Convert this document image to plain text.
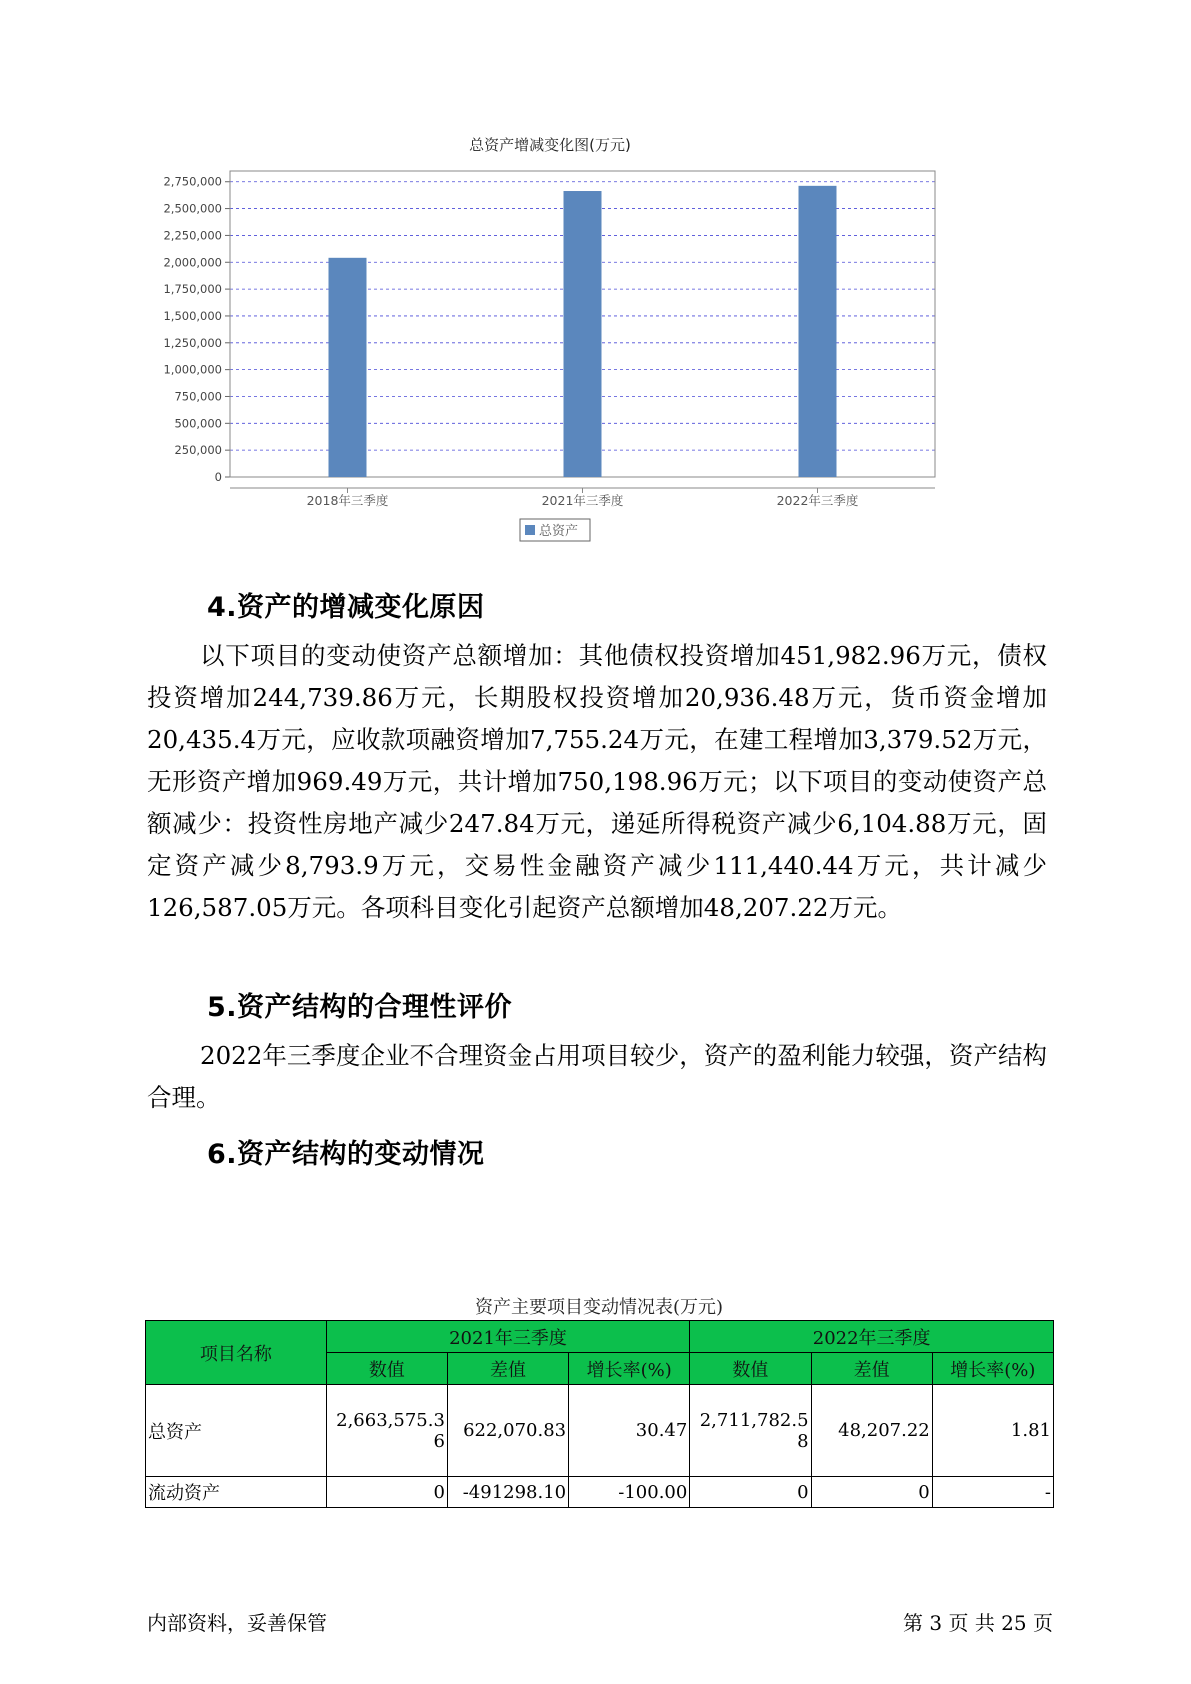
总资产增减变化图(万元)
0
250,000
500,000
750,000
1,000,000
1,250,000
1,500,000
1,750,000
2,000,000
2,250,000
2,500,000
2,750,000
2018年三季度	2021年三季度	2022年三季度
总资产
4.资产的增减变化原因

以下项目的变动使资产总额增加：其他债权投资增加451,982.96万元，债权投资增加244,739.86万元，长期股权投资增加20,936.48万元，货币资金增加20,435.4万元，应收款项融资增加7,755.24万元，在建工程增加3,379.52万元，无形资产增加969.49万元，共计增加750,198.96万元；以下项目的变动使资产总额减少：投资性房地产减少247.84万元，递延所得税资产减少6,104.88万元，固定资产减少8,793.9万元，交易性金融资产减少111,440.44万元，共计减少126,587.05万元。各项科目变化引起资产总额增加48,207.22万元。

5.资产结构的合理性评价

2022年三季度企业不合理资金占用项目较少，资产的盈利能力较强，资产结构合理。

6.资产结构的变动情况
资产主要项目变动情况表(万元)
项目名称	2021年三季度			2022年三季度		
	数值	差值	增长率(%)	数值	差值	增长率(%)
总资产	2,663,575.36	622,070.83	30.47	2,711,782.58	48,207.22	1.81
流动资产	0	-491298.10	-100.00	0	0	-
内部资料，妥善保管	第 3 页 共 25 页
